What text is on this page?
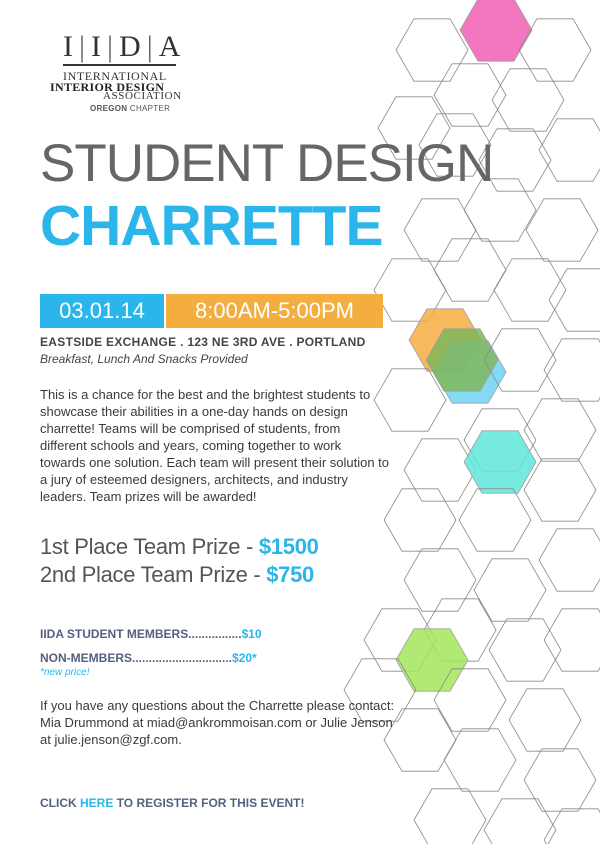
I | I | D | A
INTERNATIONAL
INTERIOR DESIGN
ASSOCIATION
OREGON CHAPTER
STUDENT DESIGN
CHARRETTE
03.01.14	8:00AM-5:00PM
EASTSIDE EXCHANGE . 123 NE 3RD AVE . PORTLAND
Breakfast, Lunch And Snacks Provided
This is a chance for the best and the brightest students to showcase their abilities in a one-day hands on design charrette! Teams will be comprised of students, from different schools and years, coming together to work towards one solution. Each team will present their solution to a jury of esteemed designers, architects, and industry leaders. Team prizes will be awarded!
1st Place Team Prize - $1500
2nd Place Team Prize - $750
IIDA STUDENT MEMBERS................$10
NON-MEMBERS..............................$20*
*new price!
If you have any questions about the Charrette please contact: Mia Drummond at miad@ankrommoisan.com or Julie Jenson at julie.jenson@zgf.com.
CLICK HERE TO REGISTER FOR THIS EVENT!
